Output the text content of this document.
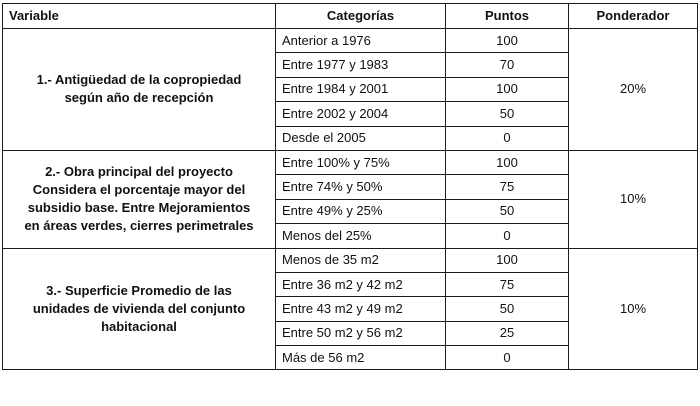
Variable	Categorías	Puntos	Ponderador
1.- Antigüedad de la copropiedad
según año de recepción	Anterior a 1976	100	20%
	Entre 1977 y 1983	70	
	Entre 1984 y 2001	100	
	Entre 2002 y 2004	50	
	Desde el 2005	0	
2.- Obra principal del proyecto
Considera el porcentaje mayor del
subsidio base. Entre Mejoramientos
en áreas verdes, cierres perimetrales	Entre 100% y 75%	100	10%
	Entre 74% y 50%	75	
	Entre 49% y 25%	50	
	Menos del 25%	0	
3.- Superficie Promedio de las
unidades de vivienda del conjunto
habitacional	Menos de 35 m2	100	10%
	Entre 36 m2 y 42 m2	75	
	Entre 43 m2 y 49 m2	50	
	Entre 50 m2 y 56 m2	25	
	Más de 56 m2	0	
